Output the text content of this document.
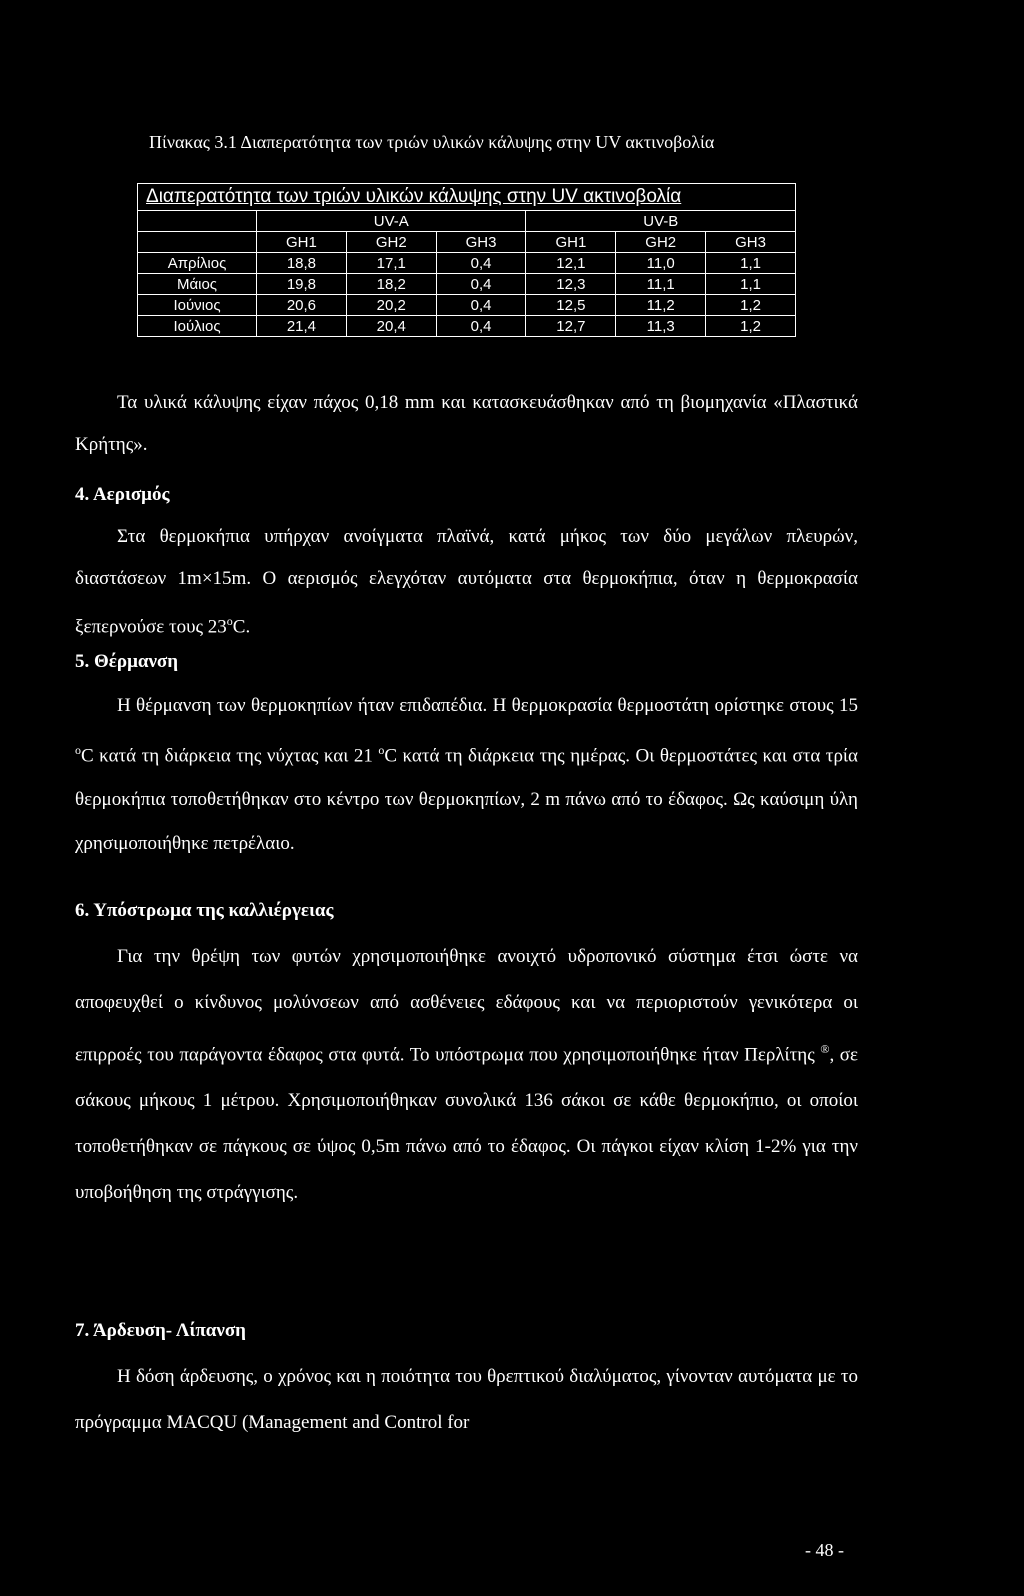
Πίνακας 3.1 Διαπερατότητα των τριών υλικών κάλυψης στην UV ακτινοβολία
Διαπερατότητα των τριών υλικών κάλυψης στην UV ακτινοβολία						
	UV-A			UV-B		
	GH1	GH2	GH3	GH1	GH2	GH3
Απρίλιος	18,8	17,1	0,4	12,1	11,0	1,1
Μάιος	19,8	18,2	0,4	12,3	11,1	1,1
Ιούνιος	20,6	20,2	0,4	12,5	11,2	1,2
Ιούλιος	21,4	20,4	0,4	12,7	11,3	1,2

Τα υλικά κάλυψης είχαν πάχος 0,18 mm και κατασκευάσθηκαν από τη βιομηχανία «Πλαστικά Κρήτης».

4. Αερισμός

Στα θερμοκήπια υπήρχαν ανοίγματα πλαϊνά, κατά μήκος των δύο μεγάλων πλευρών, διαστάσεων 1m×15m. Ο αερισμός ελεγχόταν αυτόματα στα θερμοκήπια, όταν η θερμοκρασία ξεπερνούσε τους 23$^o$C.

5. Θέρμανση

Η θέρμανση των θερμοκηπίων ήταν επιδαπέδια. Η θερμοκρασία θερμοστάτη ορίστηκε στους 15 $^o$C κατά τη διάρκεια της νύχτας και 21 $^o$C κατά τη διάρκεια της ημέρας. Οι θερμοστάτες και στα τρία θερμοκήπια τοποθετήθηκαν στο κέντρο των θερμοκηπίων, 2 m πάνω από το έδαφος. Ως καύσιμη ύλη χρησιμοποιήθηκε πετρέλαιο.

6. Υπόστρωμα της καλλιέργειας

Για την θρέψη των φυτών χρησιμοποιήθηκε ανοιχτό υδροπονικό σύστημα έτσι ώστε να αποφευχθεί ο κίνδυνος μολύνσεων από ασθένειες εδάφους και να περιοριστούν γενικότερα οι επιρροές του παράγοντα έδαφος στα φυτά. Το υπόστρωμα που χρησιμοποιήθηκε ήταν Περλίτης ®, σε σάκους μήκους 1 μέτρου. Χρησιμοποιήθηκαν συνολικά 136 σάκοι σε κάθε θερμοκήπιο, οι οποίοι τοποθετήθηκαν σε πάγκους σε ύψος 0,5m πάνω από το έδαφος. Οι πάγκοι είχαν κλίση 1-2% για την υποβοήθηση της στράγγισης.

7. Άρδευση- Λίπανση

Η δόση άρδευσης, ο χρόνος και η ποιότητα του θρεπτικού διαλύματος, γίνονταν αυτόματα με το πρόγραμμα MACQU (Management and Control for

- 48 -
